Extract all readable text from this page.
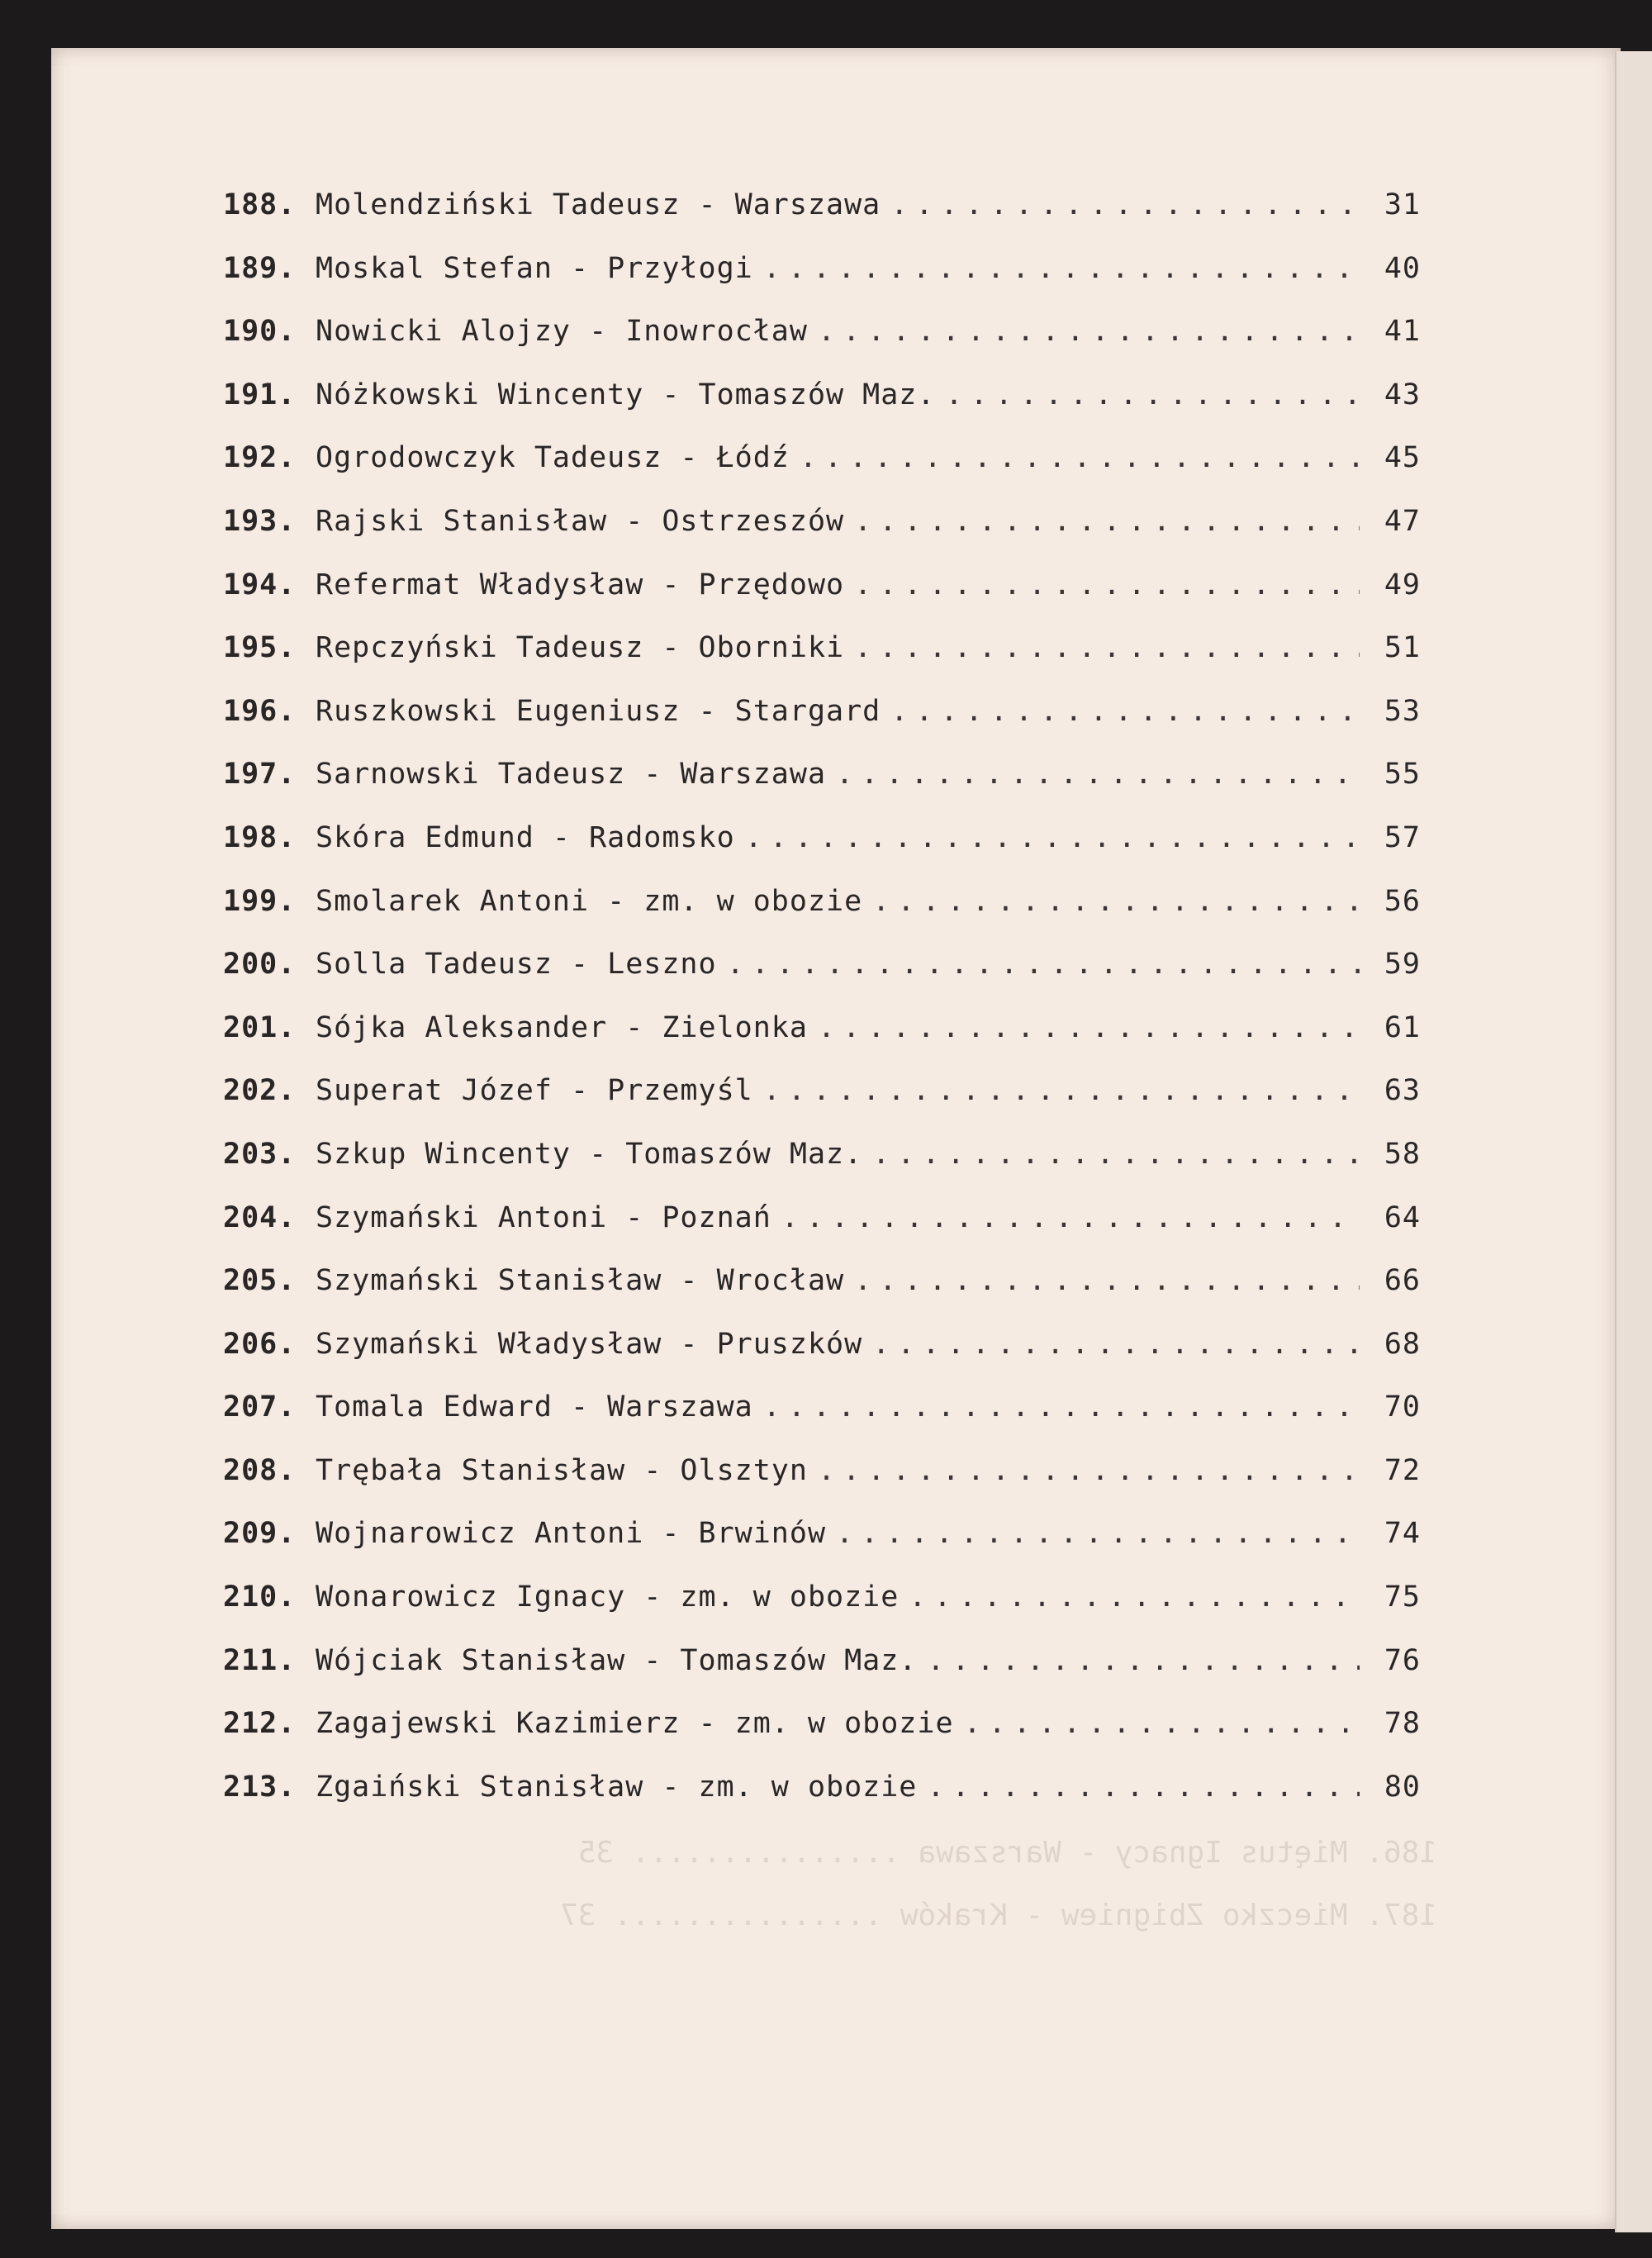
186. Miętus Ignacy - Warszawa ............... 35
187. Mieczko Zbigniew - Kraków ............... 37
188. Molendziński Tadeusz - Warszawa . . .	31
189. Moskal Stefan - Przyłogi . . .	40
190. Nowicki Alojzy - Inowrocław . . .	41
191. Nóżkowski Wincenty - Tomaszów Maz. . . .	43
192. Ogrodowczyk Tadeusz - Łódź . . .	45
193. Rajski Stanisław - Ostrzeszów . . .	47
194. Refermat Władysław - Przędowo . . .	49
195. Repczyński Tadeusz - Oborniki . . .	51
196. Ruszkowski Eugeniusz - Stargard . . .	53
197. Sarnowski Tadeusz - Warszawa . . .	55
198. Skóra Edmund - Radomsko . . .	57
199. Smolarek Antoni - zm. w obozie . . .	56
200. Solla Tadeusz - Leszno . . .	59
201. Sójka Aleksander - Zielonka . . .	61
202. Superat Józef - Przemyśl . . .	63
203. Szkup Wincenty - Tomaszów Maz. . . .	58
204. Szymański Antoni - Poznań . . .	64
205. Szymański Stanisław - Wrocław . . .	66
206. Szymański Władysław - Pruszków . . .	68
207. Tomala Edward - Warszawa . . .	70
208. Trębała Stanisław - Olsztyn . . .	72
209. Wojnarowicz Antoni - Brwinów . . .	74
210. Wonarowicz Ignacy - zm. w obozie . . .	75
211. Wójciak Stanisław - Tomaszów Maz. . . .	76
212. Zagajewski Kazimierz - zm. w obozie . . .	78
213. Zgaiński Stanisław - zm. w obozie . . .	80
